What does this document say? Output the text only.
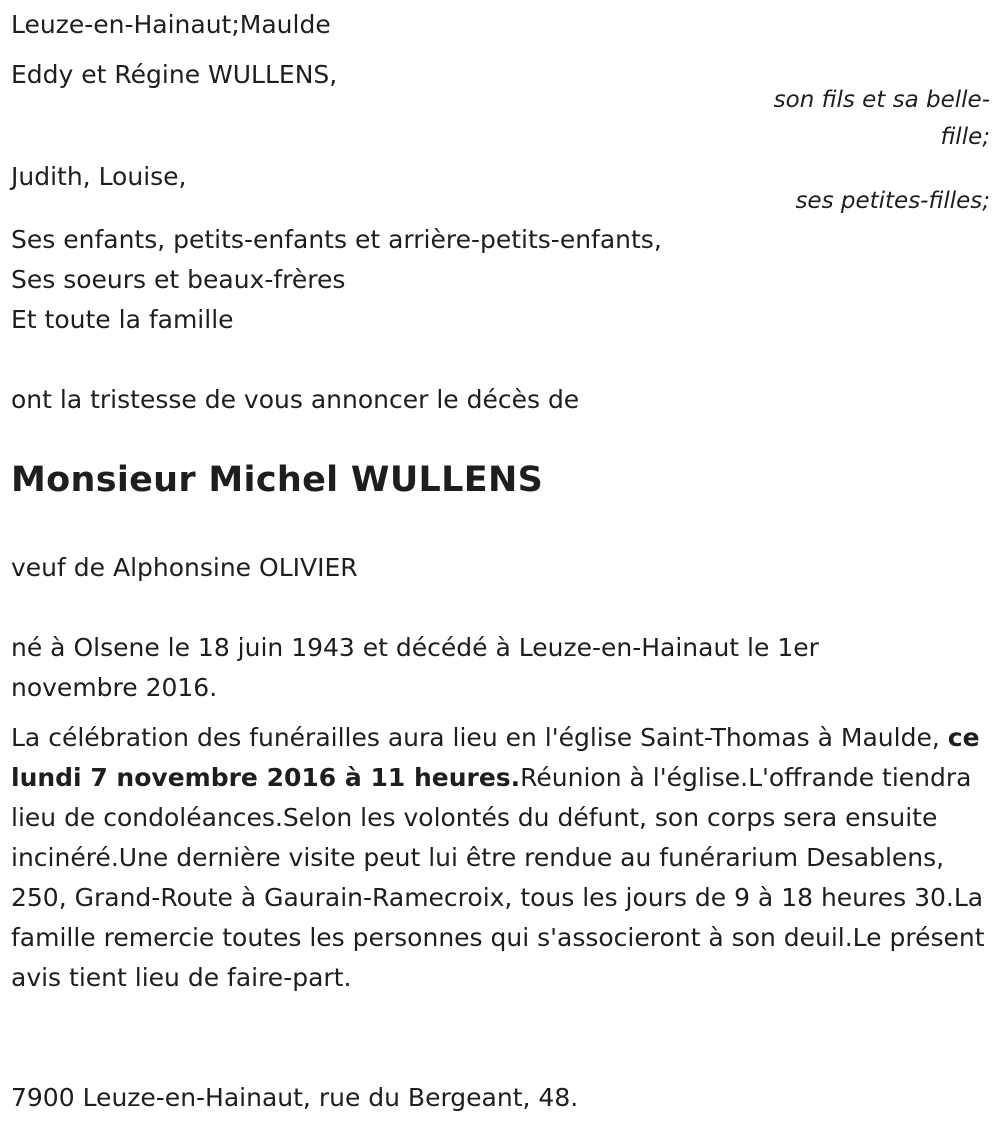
Leuze-en-Hainaut;Maulde
Eddy et Régine WULLENS,
son fils et sa belle-
fille;
Judith, Louise,
ses petites-filles;
Ses enfants, petits-enfants et arrière-petits-enfants,
Ses soeurs et beaux-frères
Et toute la famille
ont la tristesse de vous annoncer le décès de
Monsieur Michel WULLENS
veuf de Alphonsine OLIVIER
né à Olsene le 18 juin 1943 et décédé à Leuze-en-Hainaut le 1er
novembre 2016.
La célébration des funérailles aura lieu en l'église Saint-Thomas à Maulde, ce lundi 7 novembre 2016 à 11 heures.Réunion à l'église.L'offrande tiendra lieu de condoléances.Selon les volontés du défunt, son corps sera ensuite incinéré.Une dernière visite peut lui être rendue au funérarium Desablens, 250, Grand-Route à Gaurain-Ramecroix, tous les jours de 9 à 18 heures 30.La famille remercie toutes les personnes qui s'associeront à son deuil.Le présent avis tient lieu de faire-part.
7900 Leuze-en-Hainaut, rue du Bergeant, 48.
